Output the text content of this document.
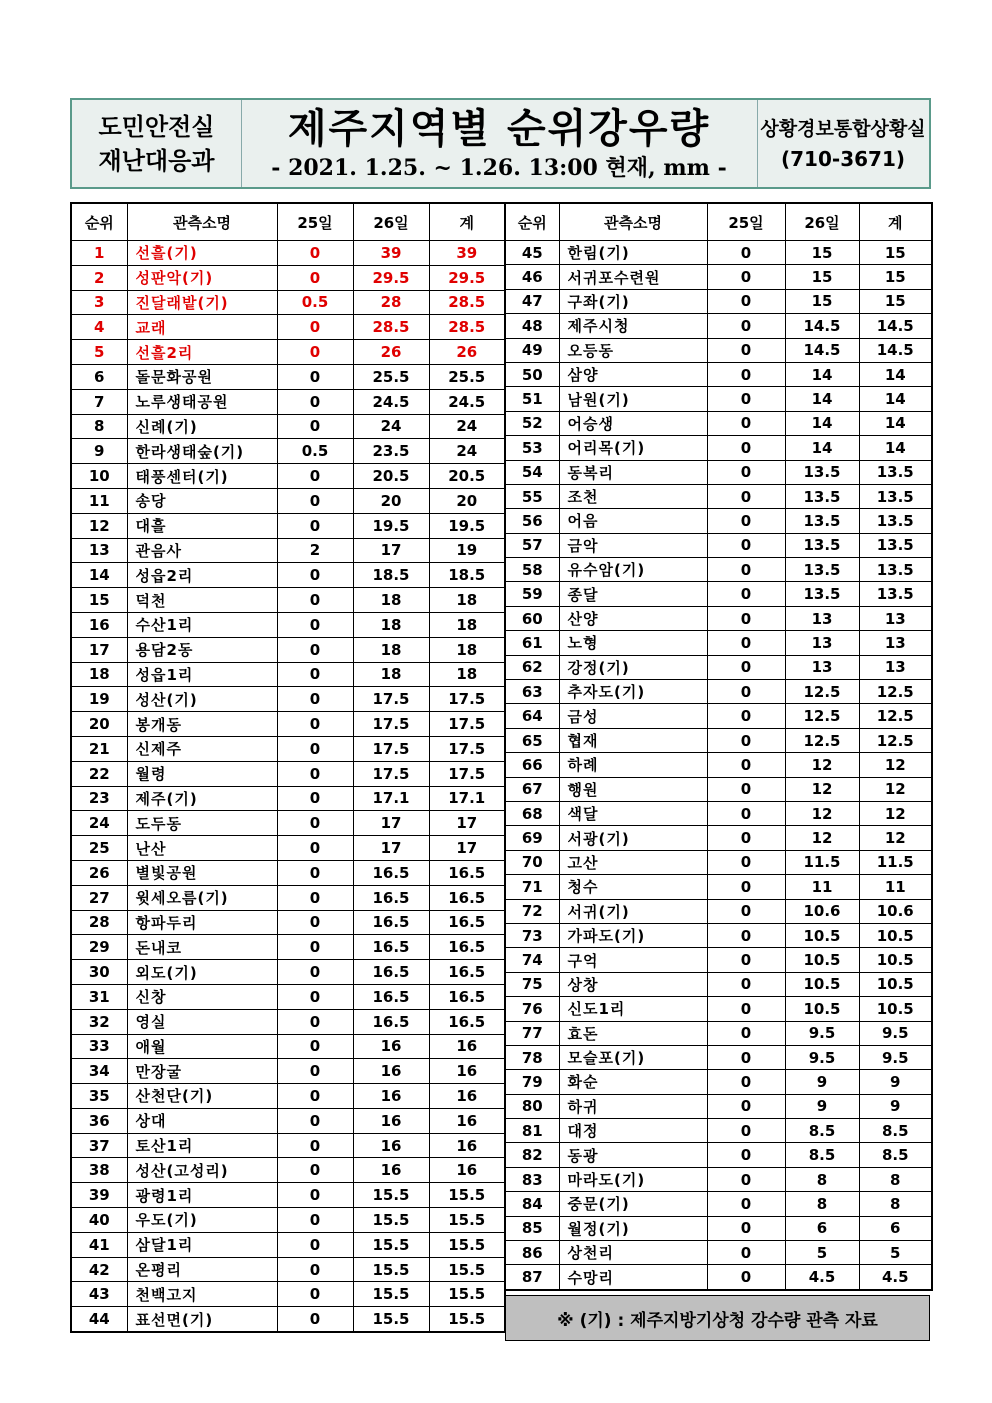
도민안전실
재난대응과
제주지역별 순위강우량
- 2021. 1.25. ~ 1.26. 13:00 현재, mm -
상황경보통합상황실
(710-3671)
순위	관측소명	25일	26일	계
1	선흘(기)	0	39	39
2	성판악(기)	0	29.5	29.5
3	진달래밭(기)	0.5	28	28.5
4	교래	0	28.5	28.5
5	선흘2리	0	26	26
6	돌문화공원	0	25.5	25.5
7	노루생태공원	0	24.5	24.5
8	신례(기)	0	24	24
9	한라생태숲(기)	0.5	23.5	24
10	태풍센터(기)	0	20.5	20.5
11	송당	0	20	20
12	대흘	0	19.5	19.5
13	관음사	2	17	19
14	성읍2리	0	18.5	18.5
15	덕천	0	18	18
16	수산1리	0	18	18
17	용담2동	0	18	18
18	성읍1리	0	18	18
19	성산(기)	0	17.5	17.5
20	봉개동	0	17.5	17.5
21	신제주	0	17.5	17.5
22	월령	0	17.5	17.5
23	제주(기)	0	17.1	17.1
24	도두동	0	17	17
25	난산	0	17	17
26	별빛공원	0	16.5	16.5
27	윗세오름(기)	0	16.5	16.5
28	항파두리	0	16.5	16.5
29	돈내코	0	16.5	16.5
30	외도(기)	0	16.5	16.5
31	신창	0	16.5	16.5
32	영실	0	16.5	16.5
33	애월	0	16	16
34	만장굴	0	16	16
35	산천단(기)	0	16	16
36	상대	0	16	16
37	토산1리	0	16	16
38	성산(고성리)	0	16	16
39	광령1리	0	15.5	15.5
40	우도(기)	0	15.5	15.5
41	삼달1리	0	15.5	15.5
42	온평리	0	15.5	15.5
43	천백고지	0	15.5	15.5
44	표선면(기)	0	15.5	15.5
순위	관측소명	25일	26일	계
45	한림(기)	0	15	15
46	서귀포수련원	0	15	15
47	구좌(기)	0	15	15
48	제주시청	0	14.5	14.5
49	오등동	0	14.5	14.5
50	삼양	0	14	14
51	남원(기)	0	14	14
52	어승생	0	14	14
53	어리목(기)	0	14	14
54	동복리	0	13.5	13.5
55	조천	0	13.5	13.5
56	어음	0	13.5	13.5
57	금악	0	13.5	13.5
58	유수암(기)	0	13.5	13.5
59	종달	0	13.5	13.5
60	산양	0	13	13
61	노형	0	13	13
62	강정(기)	0	13	13
63	추자도(기)	0	12.5	12.5
64	금성	0	12.5	12.5
65	협재	0	12.5	12.5
66	하례	0	12	12
67	행원	0	12	12
68	색달	0	12	12
69	서광(기)	0	12	12
70	고산	0	11.5	11.5
71	청수	0	11	11
72	서귀(기)	0	10.6	10.6
73	가파도(기)	0	10.5	10.5
74	구억	0	10.5	10.5
75	상창	0	10.5	10.5
76	신도1리	0	10.5	10.5
77	효돈	0	9.5	9.5
78	모슬포(기)	0	9.5	9.5
79	화순	0	9	9
80	하귀	0	9	9
81	대정	0	8.5	8.5
82	동광	0	8.5	8.5
83	마라도(기)	0	8	8
84	중문(기)	0	8	8
85	월정(기)	0	6	6
86	상천리	0	5	5
87	수망리	0	4.5	4.5
※ (기) : 제주지방기상청 강수량 관측 자료
